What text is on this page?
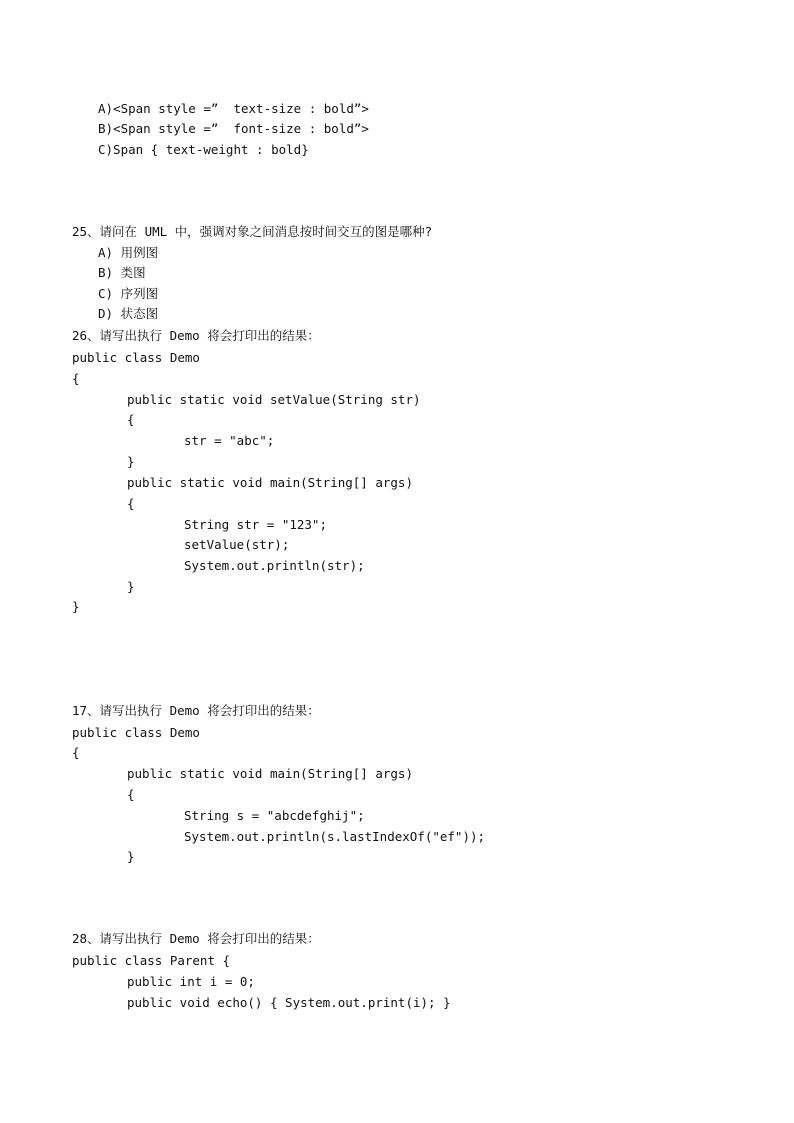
A)<Span style =”  text-size : bold”>
B)<Span style =”  font-size : bold”>
C)Span { text-weight : bold}
25、请问在 UML 中，强调对象之间消息按时间交互的图是哪种?
A) 用例图
B) 类图
C) 序列图
D) 状态图
26、请写出执行 Demo 将会打印出的结果：
public class Demo
{
public static void setValue(String str)
{
str = "abc";
}
public static void main(String[] args)
{
String str = "123";
setValue(str);
System.out.println(str);
}
}
17、请写出执行 Demo 将会打印出的结果：
public class Demo
{
public static void main(String[] args)
{
String s = "abcdefghij";
System.out.println(s.lastIndexOf("ef"));
}
28、请写出执行 Demo 将会打印出的结果：
public class Parent {
public int i = 0;
public void echo() { System.out.print(i); }
